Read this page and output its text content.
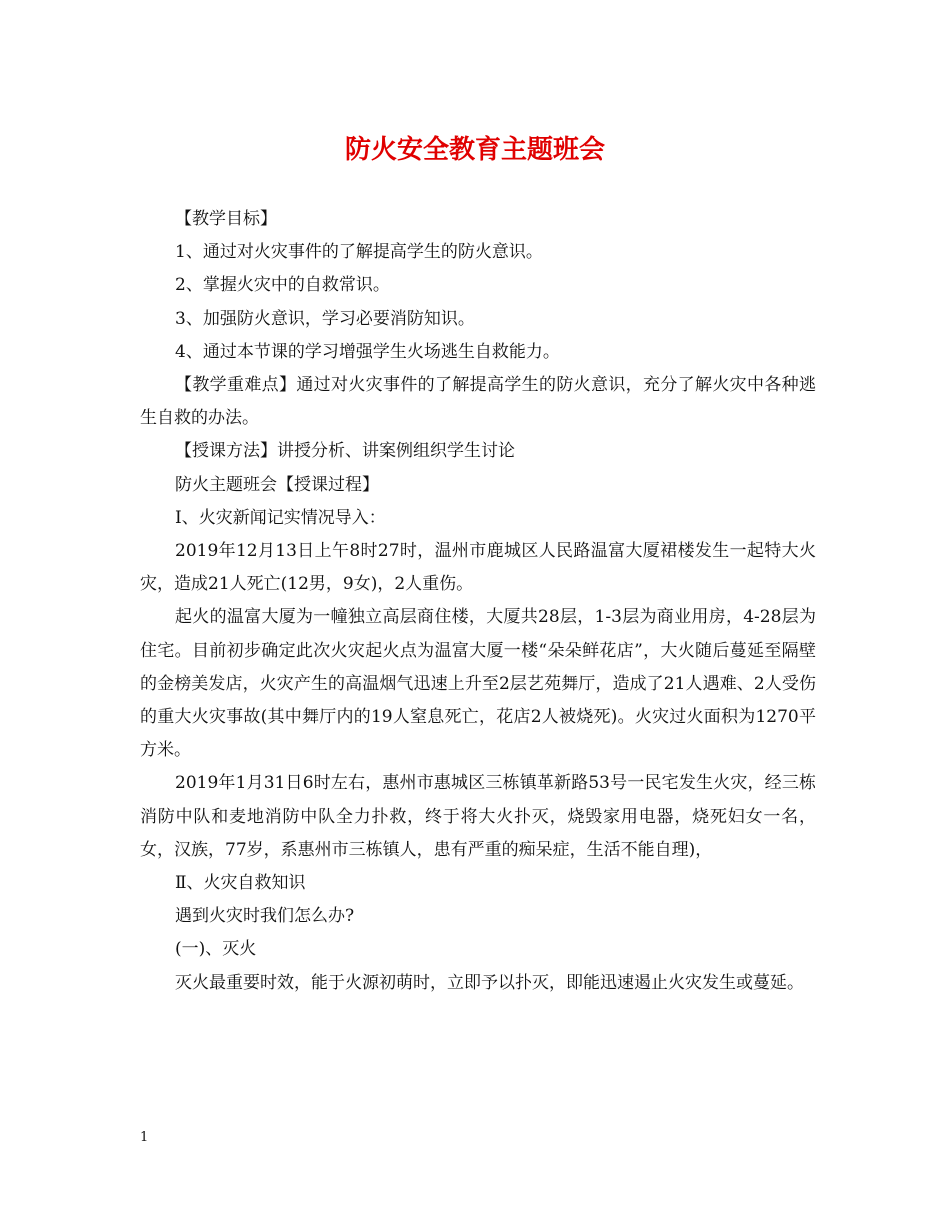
防火安全教育主题班会

【教学目标】

1、通过对火灾事件的了解提高学生的防火意识。

2、掌握火灾中的自救常识。

3、加强防火意识，学习必要消防知识。

4、通过本节课的学习增强学生火场逃生自救能力。

【教学重难点】通过对火灾事件的了解提高学生的防火意识，充分了解火灾中各种逃生自救的办法。

【授课方法】讲授分析、讲案例组织学生讨论

防火主题班会【授课过程】

Ⅰ、火灾新闻记实情况导入：

2019年12月13日上午8时27时，温州市鹿城区人民路温富大厦裙楼发生一起特大火灾，造成21人死亡(12男，9女)，2人重伤。

起火的温富大厦为一幢独立高层商住楼，大厦共28层，1-3层为商业用房，4-28层为住宅。目前初步确定此次火灾起火点为温富大厦一楼“朵朵鲜花店”，大火随后蔓延至隔壁的金榜美发店，火灾产生的高温烟气迅速上升至2层艺苑舞厅，造成了21人遇难、2人受伤的重大火灾事故(其中舞厅内的19人窒息死亡，花店2人被烧死)。火灾过火面积为1270平方米。

2019年1月31日6时左右，惠州市惠城区三栋镇革新路53号一民宅发生火灾，经三栋消防中队和麦地消防中队全力扑救，终于将大火扑灭，烧毁家用电器，烧死妇女一名，女，汉族，77岁，系惠州市三栋镇人，患有严重的痴呆症，生活不能自理)，

Ⅱ、火灾自救知识

遇到火灾时我们怎么办?

(一)、灭火

灭火最重要时效，能于火源初萌时，立即予以扑灭，即能迅速遏止火灾发生或蔓延。

1
